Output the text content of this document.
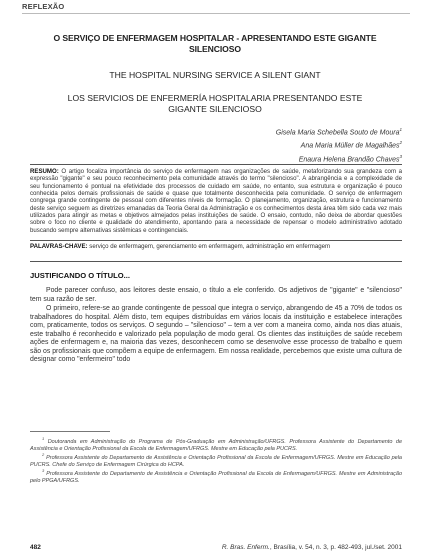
REFLEXÃO
O SERVIÇO DE ENFERMAGEM HOSPITALAR - APRESENTANDO ESTE GIGANTE SILENCIOSO
THE HOSPITAL NURSING SERVICE A SILENT GIANT
LOS SERVICIOS DE ENFERMERÍA HOSPITALARIA PRESENTANDO ESTE GIGANTE SILENCIOSO
Gisela Maria Schebella Souto de Moura$^1$
Ana Maria Müller de Magalhães$^2$
Enaura Helena Brandão Chaves$^3$
RESUMO: O artigo focaliza importância do serviço de enfermagem nas organizações de saúde, metaforizando sua grandeza com a expressão "gigante" e seu pouco reconhecimento pela comunidade através do termo "silencioso". A abrangência e a complexidade de seu funcionamento é pontual na efetividade dos processos de cuidado em saúde, no entanto, sua estrutura e organização é pouco conhecida pelos demais profissionais de saúde e quase que totalmente desconhecida pela comunidade. O serviço de enfermagem congrega grande contingente de pessoal com diferentes níveis de formação. O planejamento, organização, estrutura e funcionamento deste serviço seguem as diretrizes emanadas da Teoria Geral da Administração e os conhecimentos desta área têm sido cada vez mais utilizados para atingir as metas e objetivos almejados pelas instituições de saúde. O ensaio, contudo, não deixa de abordar questões sobre o foco no cliente e qualidade do atendimento, apontando para a necessidade de repensar o modelo administrativo adotado buscando sempre alternativas sistêmicas e contingenciais.
PALAVRAS-CHAVE: serviço de enfermagem, gerenciamento em enfermagem, administração em enfermagem
JUSTIFICANDO O TÍTULO...

Pode parecer confuso, aos leitores deste ensaio, o título a ele conferido. Os adjetivos de "gigante" e "silencioso" tem sua razão de ser.

O primeiro, refere-se ao grande contingente de pessoal que integra o serviço, abrangendo de 45 a 70% de todos os trabalhadores do hospital. Além disto, tem equipes distribuídas em vários locais da instituição e estabelece interações com, praticamente, todos os serviços. O segundo – "silencioso" – tem a ver com a maneira como, ainda nos dias atuais, este trabalho é reconhecido e valorizado pela população de modo geral. Os clientes das instituições de saúde recebem ações de enfermagem e, na maioria das vezes, desconhecem como se desenvolve esse processo de trabalho e quem são os profissionais que compõem a equipe de enfermagem. Em nossa realidade, percebemos que existe uma cultura de designar como "enfermeiro" todo

$^1$ Doutoranda em Administração do Programa de Pós-Graduação em Administração/UFRGS. Professora Assistente do Departamento de Assistência e Orientação Profissional da Escola de Enfermagem/UFRGS. Mestre em Educação pela PUCRS.

$^2$ Professora Assistente do Departamento de Assistência e Orientação Profissional da Escola de Enfermagem/UFRGS. Mestre em Educação pela PUCRS. Chefe do Serviço de Enfermagem Cirúrgica do HCPA.

$^3$ Professora Assistente do Departamento de Assistência e Orientação Profissional da Escola de Enfermagem/UFRGS. Mestre em Administração pelo PPGA/UFRGS.

482	R. Bras. Enferm., Brasília, v. 54, n. 3, p. 482-493, jul./set. 2001
